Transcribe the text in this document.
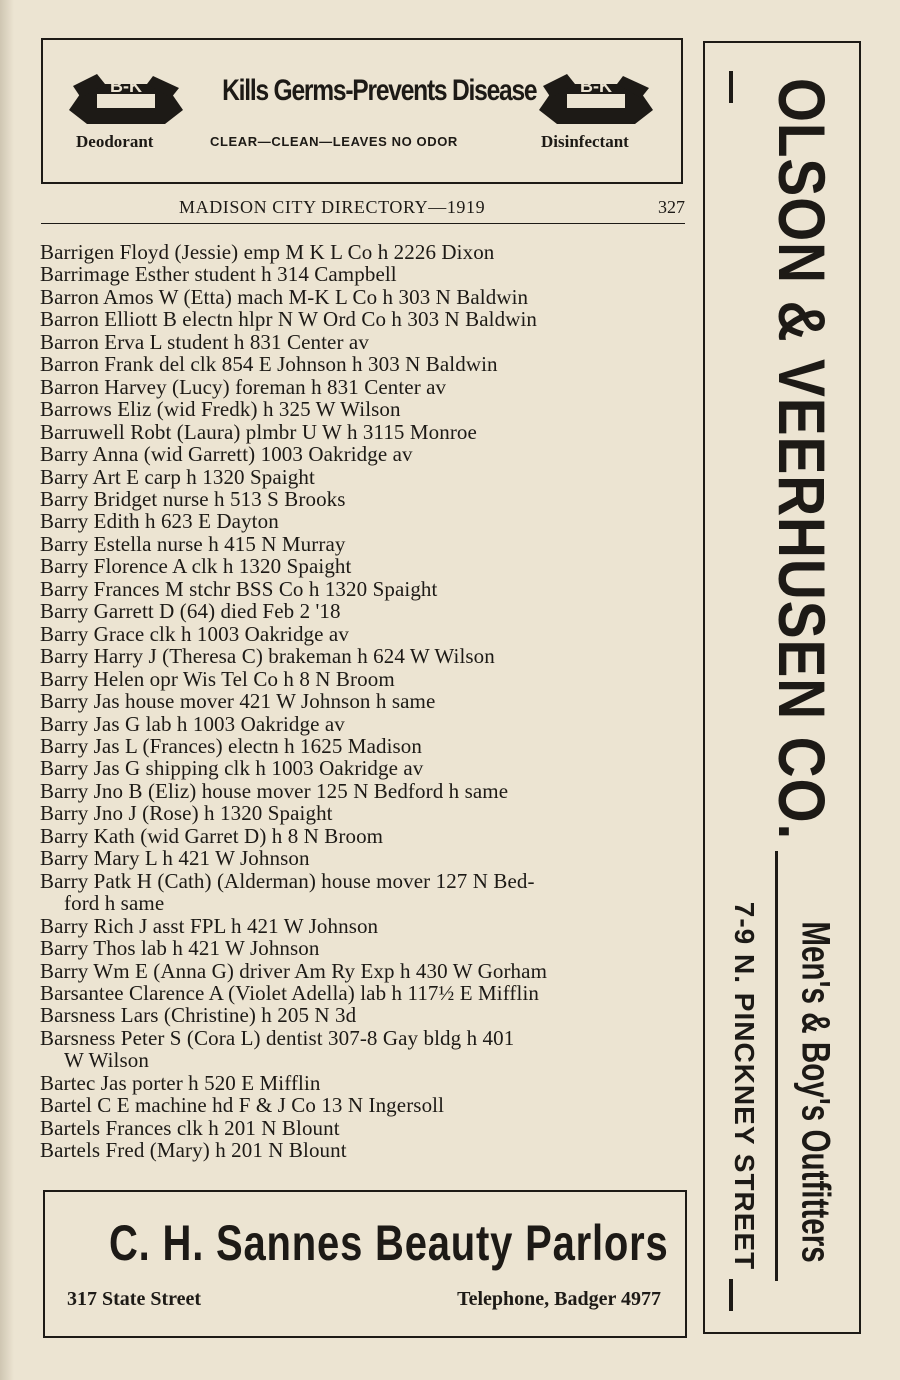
B-K	Kills Germs-Prevents Disease B-K
Deodorant	CLEAR—CLEAN—LEAVES NO ODOR	Disinfectant
MADISON CITY DIRECTORY—1919	327
Barrigen Floyd (Jessie) emp M K L Co h 2226 Dixon
Barrimage Esther student h 314 Campbell
Barron Amos W (Etta) mach M-K L Co h 303 N Baldwin
Barron Elliott B electn hlpr N W Ord Co h 303 N Baldwin
Barron Erva L student h 831 Center av
Barron Frank del clk 854 E Johnson h 303 N Baldwin
Barron Harvey (Lucy) foreman h 831 Center av
Barrows Eliz (wid Fredk) h 325 W Wilson
Barruwell Robt (Laura) plmbr U W h 3115 Monroe
Barry Anna (wid Garrett) 1003 Oakridge av
Barry Art E carp h 1320 Spaight
Barry Bridget nurse h 513 S Brooks
Barry Edith h 623 E Dayton
Barry Estella nurse h 415 N Murray
Barry Florence A clk h 1320 Spaight
Barry Frances M stchr BSS Co h 1320 Spaight
Barry Garrett D (64) died Feb 2 '18
Barry Grace clk h 1003 Oakridge av
Barry Harry J (Theresa C) brakeman h 624 W Wilson
Barry Helen opr Wis Tel Co h 8 N Broom
Barry Jas house mover 421 W Johnson h same
Barry Jas G lab h 1003 Oakridge av
Barry Jas L (Frances) electn h 1625 Madison
Barry Jas G shipping clk h 1003 Oakridge av
Barry Jno B (Eliz) house mover 125 N Bedford h same
Barry Jno J (Rose) h 1320 Spaight
Barry Kath (wid Garret D) h 8 N Broom
Barry Mary L h 421 W Johnson
Barry Patk H (Cath) (Alderman) house mover 127 N Bed-
ford h same
Barry Rich J asst FPL h 421 W Johnson
Barry Thos lab h 421 W Johnson
Barry Wm E (Anna G) driver Am Ry Exp h 430 W Gorham
Barsantee Clarence A (Violet Adella) lab h 117½ E Mifflin
Barsness Lars (Christine) h 205 N 3d
Barsness Peter S (Cora L) dentist 307-8 Gay bldg h 401
W Wilson
Bartec Jas porter h 520 E Mifflin
Bartel C E machine hd F & J Co 13 N Ingersoll
Bartels Frances clk h 201 N Blount
Bartels Fred (Mary) h 201 N Blount
C. H. Sannes Beauty Parlors
317 State Street	Telephone, Badger 4977
OLSON & VEERHUSEN CO.
7-9 N. PINCKNEY STREET Men's & Boy's Outfitters
